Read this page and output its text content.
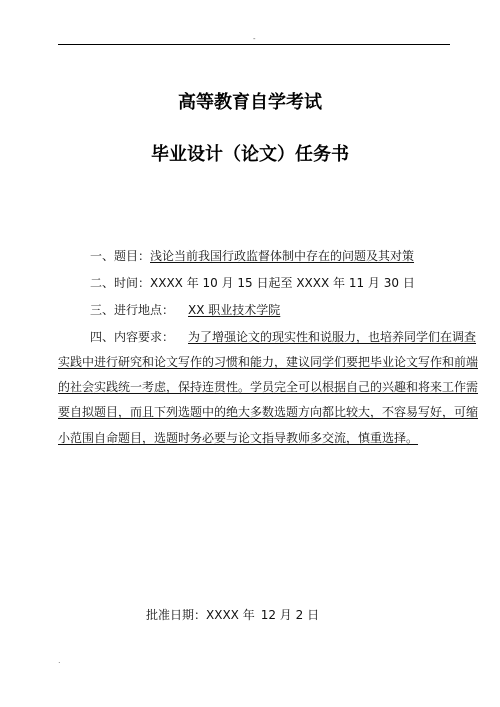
-
高等教育自学考试
毕业设计（论文）任务书
一、题目：浅论当前我国行政监督体制中存在的问题及其对策
二、时间：XXXX 年 10 月 15 日起至 XXXX 年 11 月 30 日
三、进行地点： XX 职业技术学院
四、内容要求： 为了增强论文的现实性和说服力，也培养同学们在调查
实践中进行研究和论文写作的习惯和能力，建议同学们要把毕业论文写作和前端
的社会实践统一考虑，保持连贯性。学员完全可以根据自己的兴趣和将来工作需
要自拟题目，而且下列选题中的绝大多数选题方向都比较大，不容易写好，可缩
小范围自命题目，选题时务必要与论文指导教师多交流，慎重选择。
批准日期：XXXX 年 12 月 2 日
.
